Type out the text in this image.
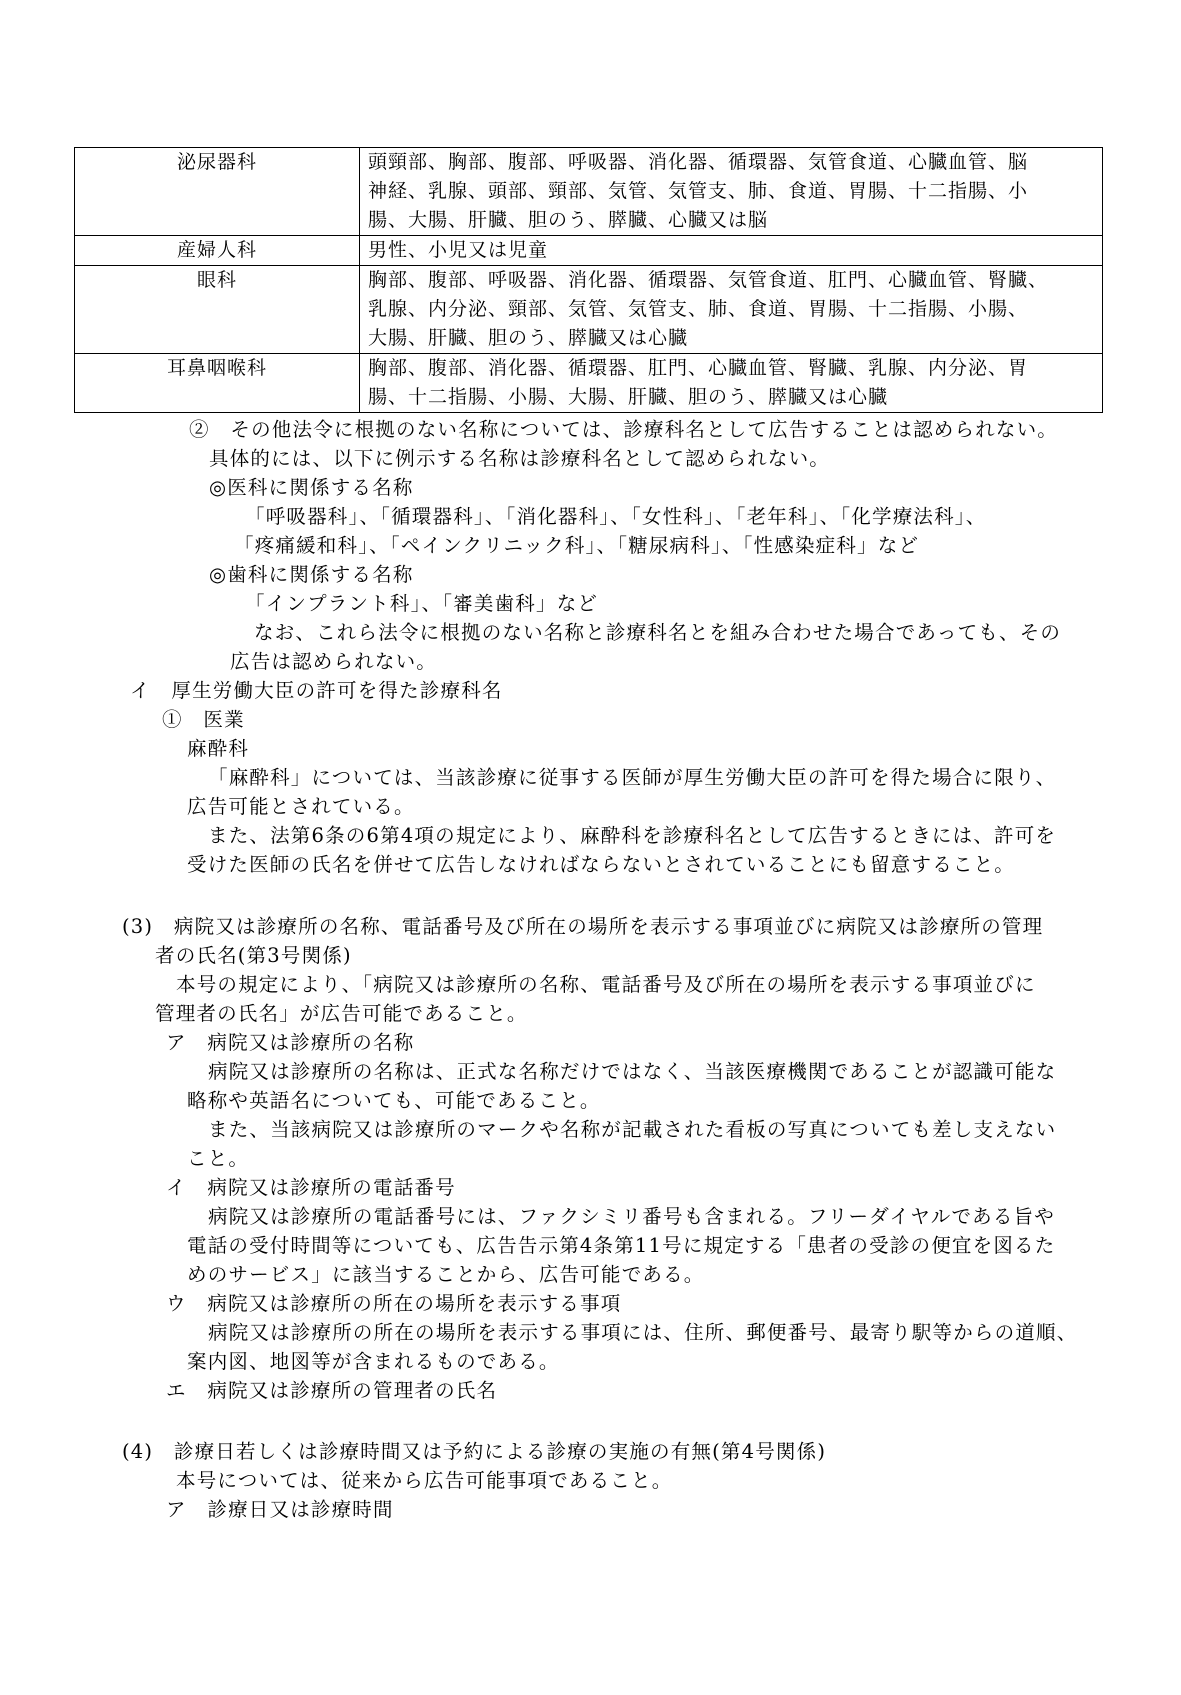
泌尿器科	頭頸部、胸部、腹部、呼吸器、消化器、循環器、気管食道、心臓血管、脳
神経、乳腺、頭部、頸部、気管、気管支、肺、食道、胃腸、十二指腸、小
腸、大腸、肝臓、胆のう、膵臓、心臓又は脳

産婦人科	男性、小児又は児童

眼科	胸部、腹部、呼吸器、消化器、循環器、気管食道、肛門、心臓血管、腎臓、
乳腺、内分泌、頸部、気管、気管支、肺、食道、胃腸、十二指腸、小腸、
大腸、肝臓、胆のう、膵臓又は心臓

耳鼻咽喉科	胸部、腹部、消化器、循環器、肛門、心臓血管、腎臓、乳腺、内分泌、胃
腸、十二指腸、小腸、大腸、肝臓、胆のう、膵臓又は心臓
②　その他法令に根拠のない名称については、診療科名として広告することは認められない。
具体的には、以下に例示する名称は診療科名として認められない。
◎医科に関係する名称
「呼吸器科」、「循環器科」、「消化器科」、「女性科」、「老年科」、「化学療法科」、
「疼痛緩和科」、「ペインクリニック科」、「糖尿病科」、「性感染症科」など
◎歯科に関係する名称
「インプラント科」、「審美歯科」など
なお、これら法令に根拠のない名称と診療科名とを組み合わせた場合であっても、その
広告は認められない。
イ　厚生労働大臣の許可を得た診療科名
①　医業
麻酔科
「麻酔科」については、当該診療に従事する医師が厚生労働大臣の許可を得た場合に限り、
広告可能とされている。
また、法第6条の6第4項の規定により、麻酔科を診療科名として広告するときには、許可を
受けた医師の氏名を併せて広告しなければならないとされていることにも留意すること。
(3)　病院又は診療所の名称、電話番号及び所在の場所を表示する事項並びに病院又は診療所の管理
者の氏名(第3号関係)
本号の規定により、「病院又は診療所の名称、電話番号及び所在の場所を表示する事項並びに
管理者の氏名」が広告可能であること。
ア　病院又は診療所の名称
病院又は診療所の名称は、正式な名称だけではなく、当該医療機関であることが認識可能な
略称や英語名についても、可能であること。
また、当該病院又は診療所のマークや名称が記載された看板の写真についても差し支えない
こと。
イ　病院又は診療所の電話番号
病院又は診療所の電話番号には、ファクシミリ番号も含まれる。フリーダイヤルである旨や
電話の受付時間等についても、広告告示第4条第11号に規定する「患者の受診の便宜を図るた
めのサービス」に該当することから、広告可能である。
ウ　病院又は診療所の所在の場所を表示する事項
病院又は診療所の所在の場所を表示する事項には、住所、郵便番号、最寄り駅等からの道順、
案内図、地図等が含まれるものである。
エ　病院又は診療所の管理者の氏名
(4)　診療日若しくは診療時間又は予約による診療の実施の有無(第4号関係)
本号については、従来から広告可能事項であること。
ア　診療日又は診療時間
